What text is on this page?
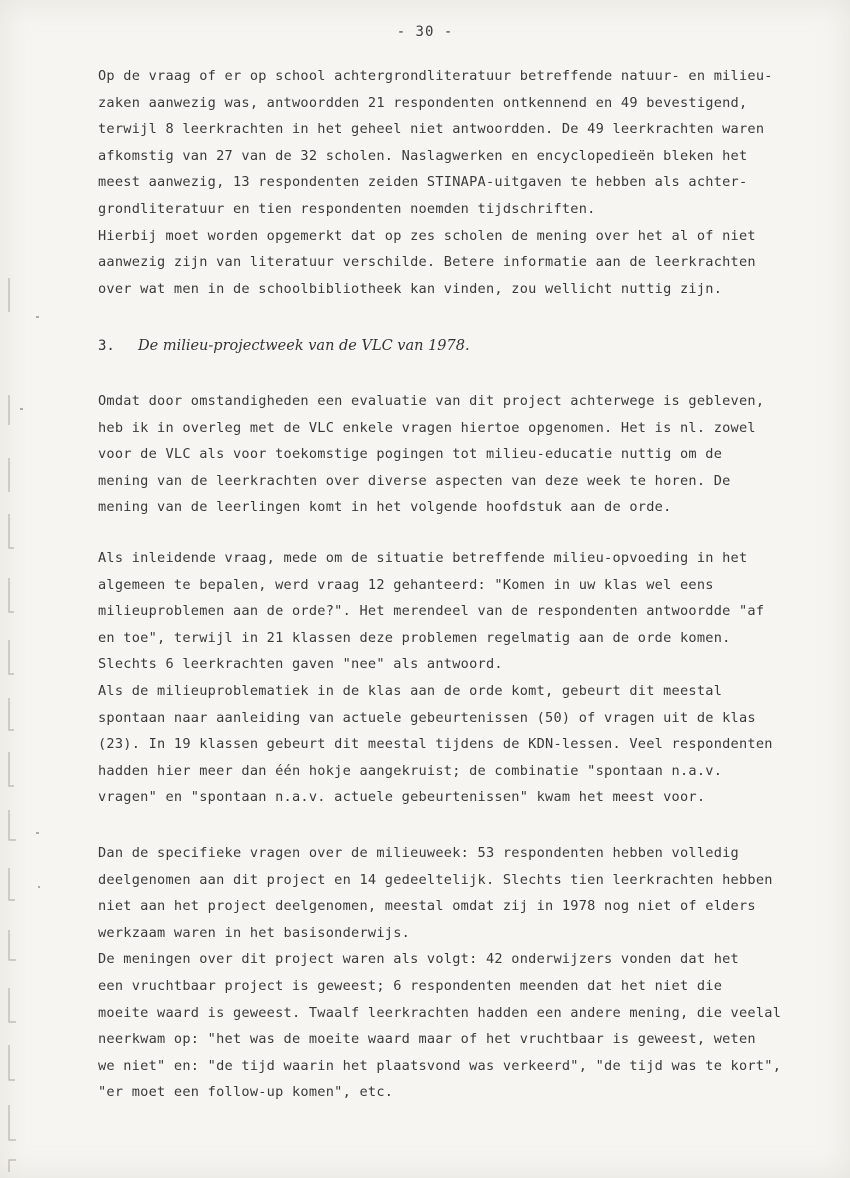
- 30 -
Op de vraag of er op school achtergrondliteratuur betreffende natuur- en milieu-
zaken aanwezig was, antwoordden 21 respondenten ontkennend en 49 bevestigend,
terwijl 8 leerkrachten in het geheel niet antwoordden. De 49 leerkrachten waren
afkomstig van 27 van de 32 scholen. Naslagwerken en encyclopedieën bleken het
meest aanwezig, 13 respondenten zeiden STINAPA-uitgaven te hebben als achter-
grondliteratuur en tien respondenten noemden tijdschriften.
Hierbij moet worden opgemerkt dat op zes scholen de mening over het al of niet
aanwezig zijn van literatuur verschilde. Betere informatie aan de leerkrachten
over wat men in de schoolbibliotheek kan vinden, zou wellicht nuttig zijn.
3. De milieu-projectweek van de VLC van 1978.
Omdat door omstandigheden een evaluatie van dit project achterwege is gebleven,
heb ik in overleg met de VLC enkele vragen hiertoe opgenomen. Het is nl. zowel
voor de VLC als voor toekomstige pogingen tot milieu-educatie nuttig om de
mening van de leerkrachten over diverse aspecten van deze week te horen. De
mening van de leerlingen komt in het volgende hoofdstuk aan de orde.
Als inleidende vraag, mede om de situatie betreffende milieu-opvoeding in het
algemeen te bepalen, werd vraag 12 gehanteerd: "Komen in uw klas wel eens
milieuproblemen aan de orde?". Het merendeel van de respondenten antwoordde "af
en toe", terwijl in 21 klassen deze problemen regelmatig aan de orde komen.
Slechts 6 leerkrachten gaven "nee" als antwoord.
Als de milieuproblematiek in de klas aan de orde komt, gebeurt dit meestal
spontaan naar aanleiding van actuele gebeurtenissen (50) of vragen uit de klas
(23). In 19 klassen gebeurt dit meestal tijdens de KDN-lessen. Veel respondenten
hadden hier meer dan één hokje aangekruist; de combinatie "spontaan n.a.v.
vragen" en "spontaan n.a.v. actuele gebeurtenissen" kwam het meest voor.
Dan de specifieke vragen over de milieuweek: 53 respondenten hebben volledig
deelgenomen aan dit project en 14 gedeeltelijk. Slechts tien leerkrachten hebben
niet aan het project deelgenomen, meestal omdat zij in 1978 nog niet of elders
werkzaam waren in het basisonderwijs.
De meningen over dit project waren als volgt: 42 onderwijzers vonden dat het
een vruchtbaar project is geweest; 6 respondenten meenden dat het niet die
moeite waard is geweest. Twaalf leerkrachten hadden een andere mening, die veelal
neerkwam op: "het was de moeite waard maar of het vruchtbaar is geweest, weten
we niet" en: "de tijd waarin het plaatsvond was verkeerd", "de tijd was te kort",
"er moet een follow-up komen", etc.
